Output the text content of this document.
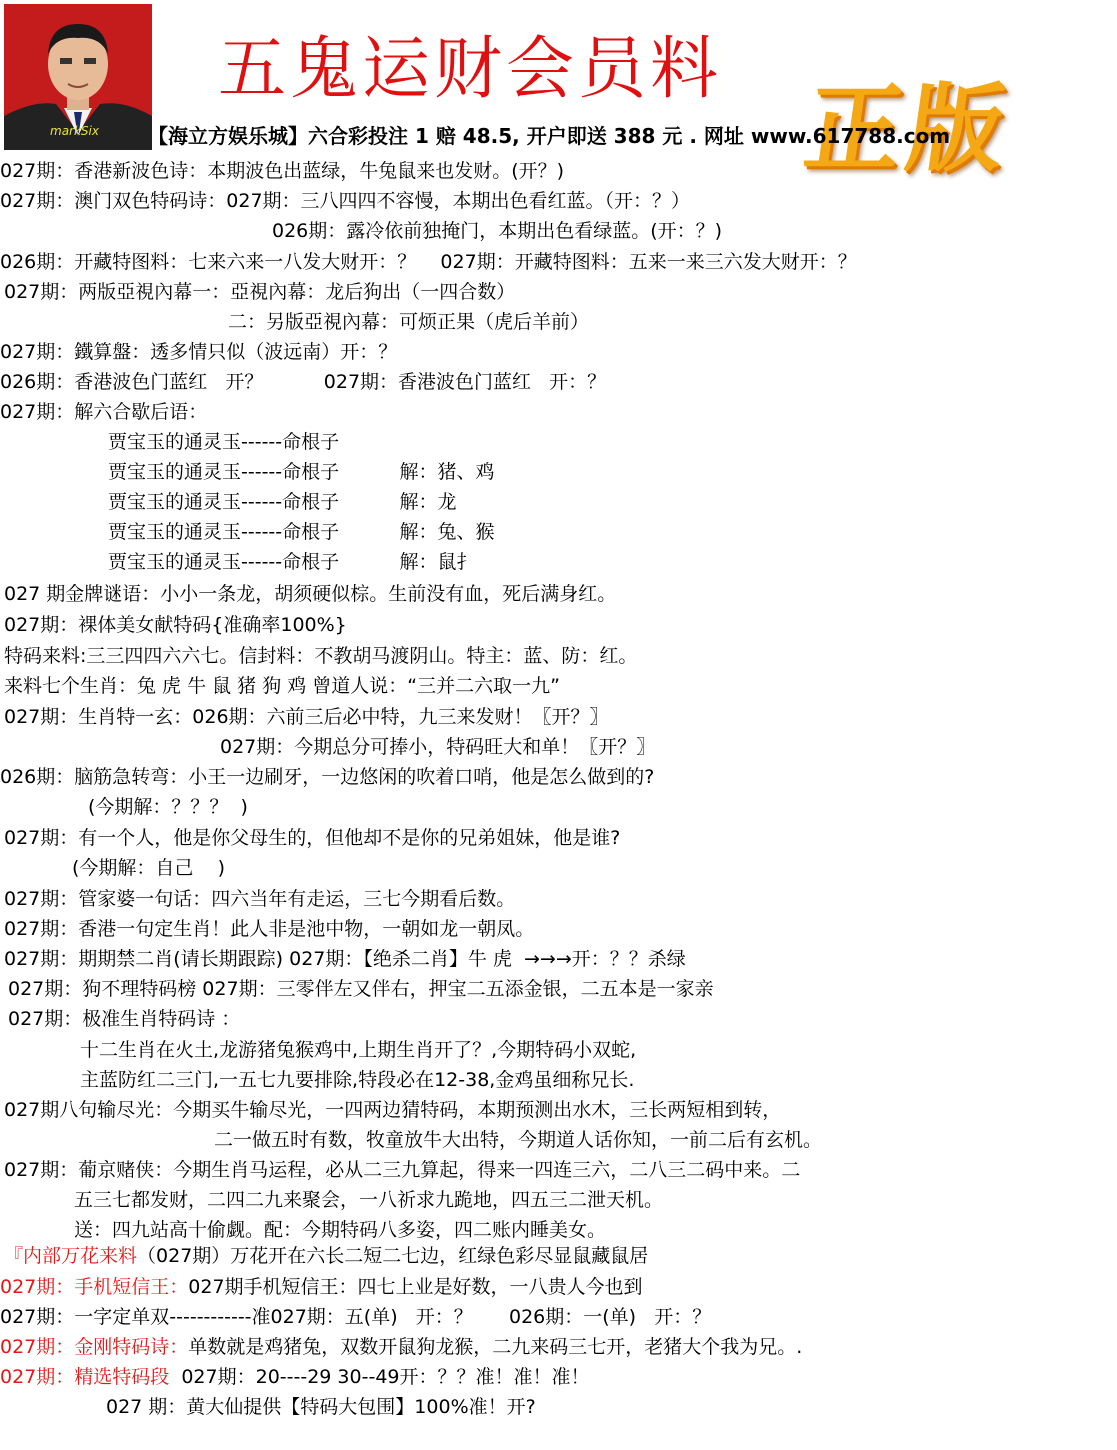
markSix
五鬼运财会员料
正版
【海立方娱乐城】六合彩投注 1 赔 48.5, 开户即送 388 元 . 网址 www.617788.com
027期：香港新波色诗：本期波色出蓝绿，牛兔鼠来也发财。(开？)
027期：澳门双色特码诗：027期：三八四四不容慢，本期出色看红蓝。（开：？）
026期：露冷依前独掩门，本期出色看绿蓝。(开：？)
026期：开藏特图料：七来六来一八发大财开：？    027期：开藏特图料：五来一来三六发大财开：？
027期：两版亞視內幕一：亞視內幕：龙后狗出（一四合数）
二：另版亞視內幕：可烦正果（虎后羊前）
027期：鐵算盤：透多情只似（波远南）开：？
026期：香港波色门蓝红   开？          027期：香港波色门蓝红   开：？
027期：解六合歇后语：
贾宝玉的通灵玉------命根子
贾宝玉的通灵玉------命根子          解：猪、鸡
贾宝玉的通灵玉------命根子          解：龙
贾宝玉的通灵玉------命根子          解：兔、猴
贾宝玉的通灵玉------命根子          解：鼠扌
027 期金牌谜语：小小一条龙，胡须硬似棕。生前没有血，死后满身红。
027期：裸体美女献特码{准确率100%}
特码来料:三三四四六六七。信封料：不教胡马渡阴山。特主：蓝、防：红。
来料七个生肖：兔 虎 牛 鼠 猪 狗 鸡 曾道人说：“三并二六取一九”
027期：生肖特一玄：026期：六前三后必中特，九三来发财！〖开？〗
027期：今期总分可捧小，特码旺大和单！〖开？〗
026期：脑筋急转弯：小王一边刷牙，一边悠闲的吹着口哨，他是怎么做到的?
(今期解：？？？  )
027期：有一个人，他是你父母生的，但他却不是你的兄弟姐妹，他是谁?
(今期解：自己    )
027期：管家婆一句话：四六当年有走运，三七今期看后数。
027期：香港一句定生肖！此人非是池中物，一朝如龙一朝凤。
027期：期期禁二肖(请长期跟踪) 027期：【绝杀二肖】牛 虎  →→→开：？？杀绿
027期：狗不理特码榜 027期：三零伴左又伴右，押宝二五添金银，二五本是一家亲
027期：极准生肖特码诗 ：
十二生肖在火土,龙游猪兔猴鸡中,上期生肖开了？,今期特码小双蛇,
主蓝防红二三门,一五七九要排除,特段必在12-38,金鸡虽细称兄长.
027期八句输尽光：今期买牛输尽光，一四两边猜特码，本期预测出水木，三长两短相到转，
二一做五时有数，牧童放牛大出特，今期道人话你知，一前二后有玄机。
027期：葡京赌侠：今期生肖马运程，必从二三九算起，得来一四连三六，二八三二码中来。二
五三七都发财，二四二九来聚会，一八祈求九跪地，四五三二泄天机。
送：四九站高十偷觑。配：今期特码八多姿，四二账内睡美女。
『内部万花来料（027期）万花开在六长二短二七边，红绿色彩尽显鼠藏鼠居
027期：手机短信王：027期手机短信王：四七上业是好数，一八贵人今也到
027期：一字定单双------------准027期：五(单)   开：？      026期：一(单)   开：？
027期：金刚特码诗：单数就是鸡猪兔，双数开鼠狗龙猴，二九来码三七开，老猪大个我为兄。.
027期：精选特码段  027期：20----29 30--49开：？？准！准！准！
027 期：黄大仙提供【特码大包围】100%准！开?
